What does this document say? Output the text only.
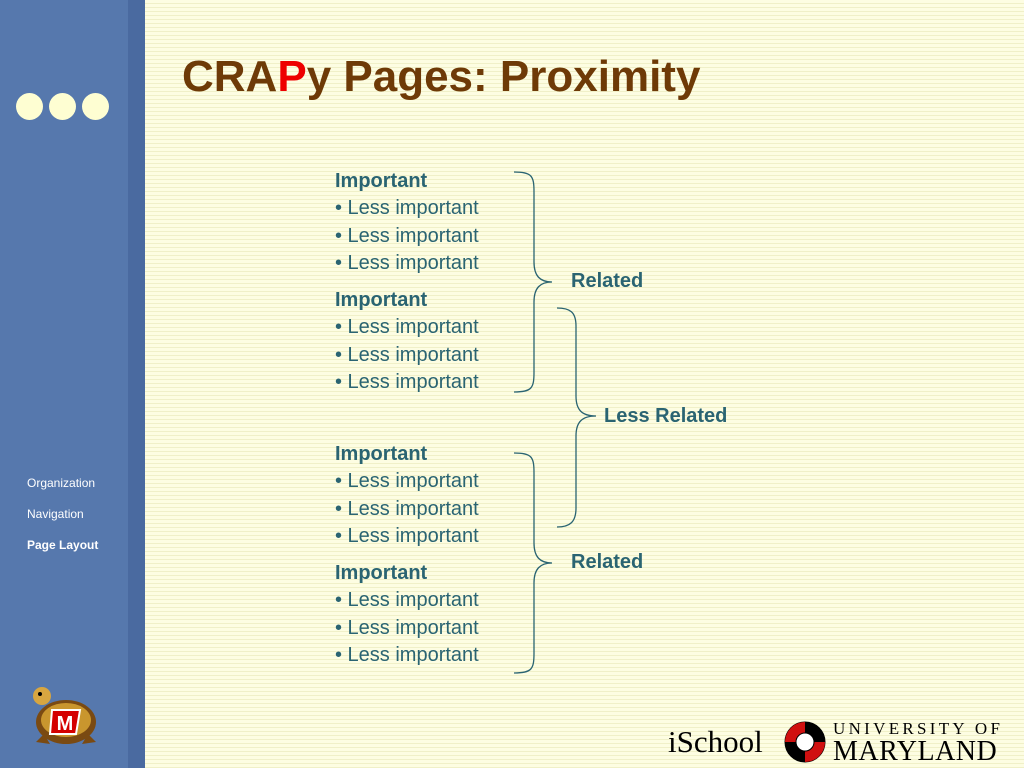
Organization
Navigation
Page Layout
M
CRAPy Pages: Proximity
Important
• Less important
• Less important
• Less important
Important
• Less important
• Less important
• Less important
Important
• Less important
• Less important
• Less important
Important
• Less important
• Less important
• Less important
Related
Less Related
Related
iSchool	UNIVERSITY OF
MARYLAND
